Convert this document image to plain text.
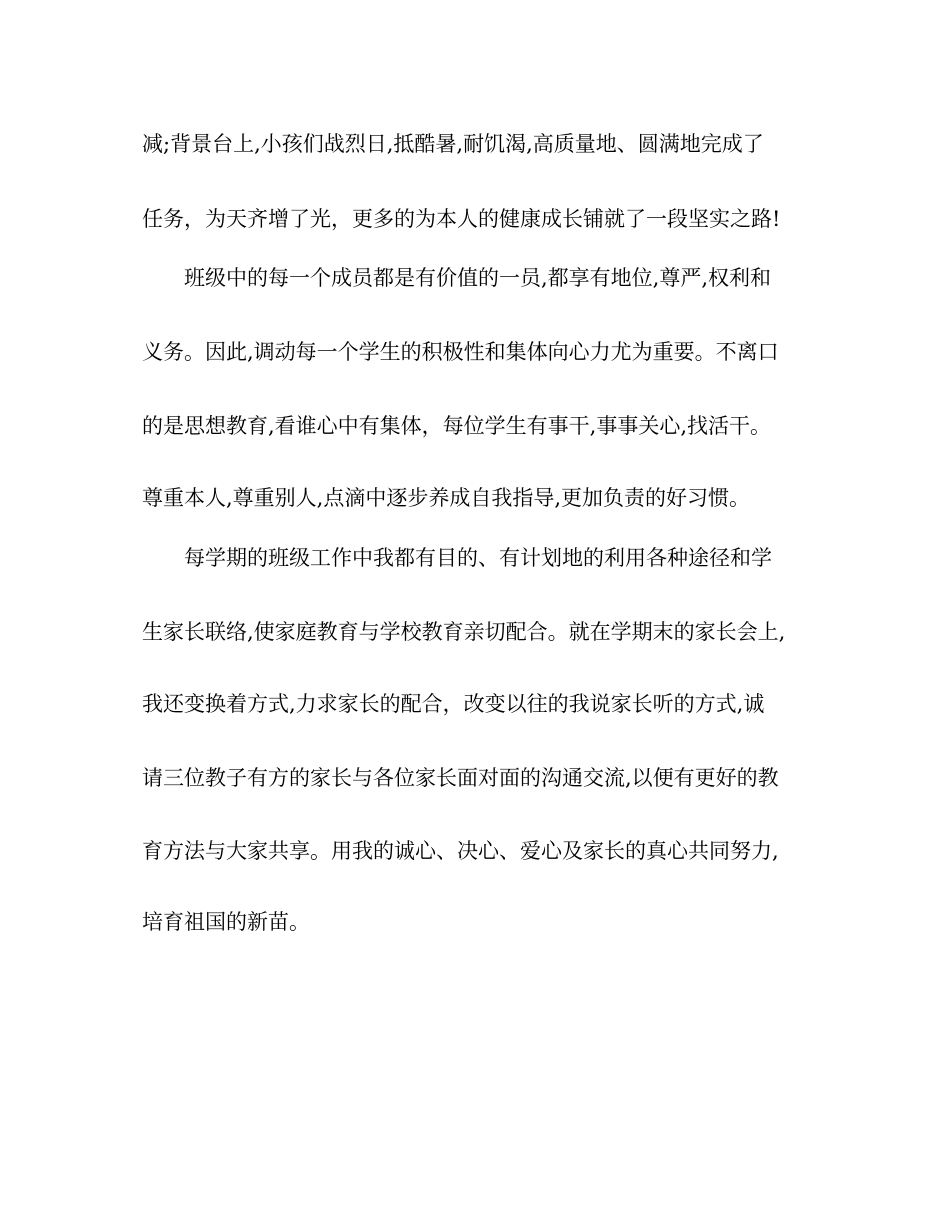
减;背景台上,小孩们战烈日,抵酷暑,耐饥渴,高质量地、圆满地完成了
任务，为天齐增了光，更多的为本人的健康成长铺就了一段坚实之路!
班级中的每一个成员都是有价值的一员,都享有地位,尊严,权利和
义务。因此,调动每一个学生的积极性和集体向心力尤为重要。不离口
的是思想教育,看谁心中有集体，每位学生有事干,事事关心,找活干。
尊重本人,尊重别人,点滴中逐步养成自我指导,更加负责的好习惯。
每学期的班级工作中我都有目的、有计划地的利用各种途径和学
生家长联络,使家庭教育与学校教育亲切配合。就在学期末的家长会上,
我还变换着方式,力求家长的配合，改变以往的我说家长听的方式,诚
请三位教子有方的家长与各位家长面对面的沟通交流,以便有更好的教
育方法与大家共享。用我的诚心、决心、爱心及家长的真心共同努力,
培育祖国的新苗。
